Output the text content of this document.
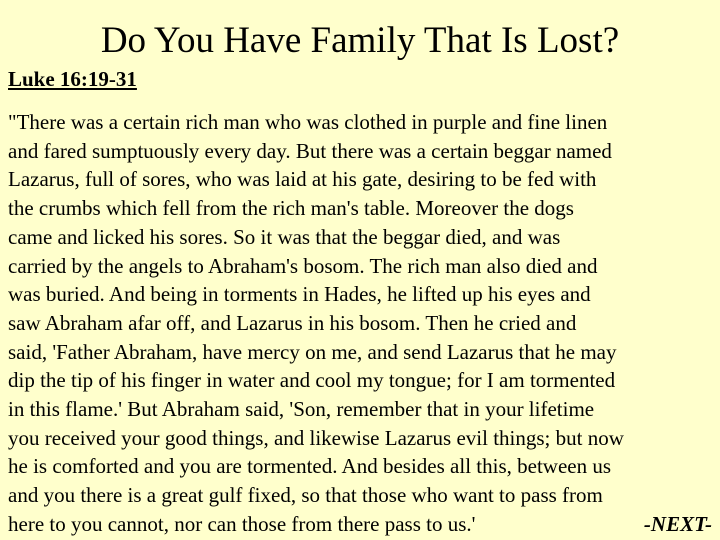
Do You Have Family That Is Lost?
Luke 16:19-31
"There was a certain rich man who was clothed in purple and fine linen
and fared sumptuously every day. But there was a certain beggar named
Lazarus, full of sores, who was laid at his gate, desiring to be fed with
the crumbs which fell from the rich man's table. Moreover the dogs
came and licked his sores. So it was that the beggar died, and was
carried by the angels to Abraham's bosom. The rich man also died and
was buried. And being in torments in Hades, he lifted up his eyes and
saw Abraham afar off, and Lazarus in his bosom. Then he cried and
said, 'Father Abraham, have mercy on me, and send Lazarus that he may
dip the tip of his finger in water and cool my tongue; for I am tormented
in this flame.' But Abraham said, 'Son, remember that in your lifetime
you received your good things, and likewise Lazarus evil things; but now
he is comforted and you are tormented. And besides all this, between us
and you there is a great gulf fixed, so that those who want to pass from
here to you cannot, nor can those from there pass to us.'	-NEXT-
